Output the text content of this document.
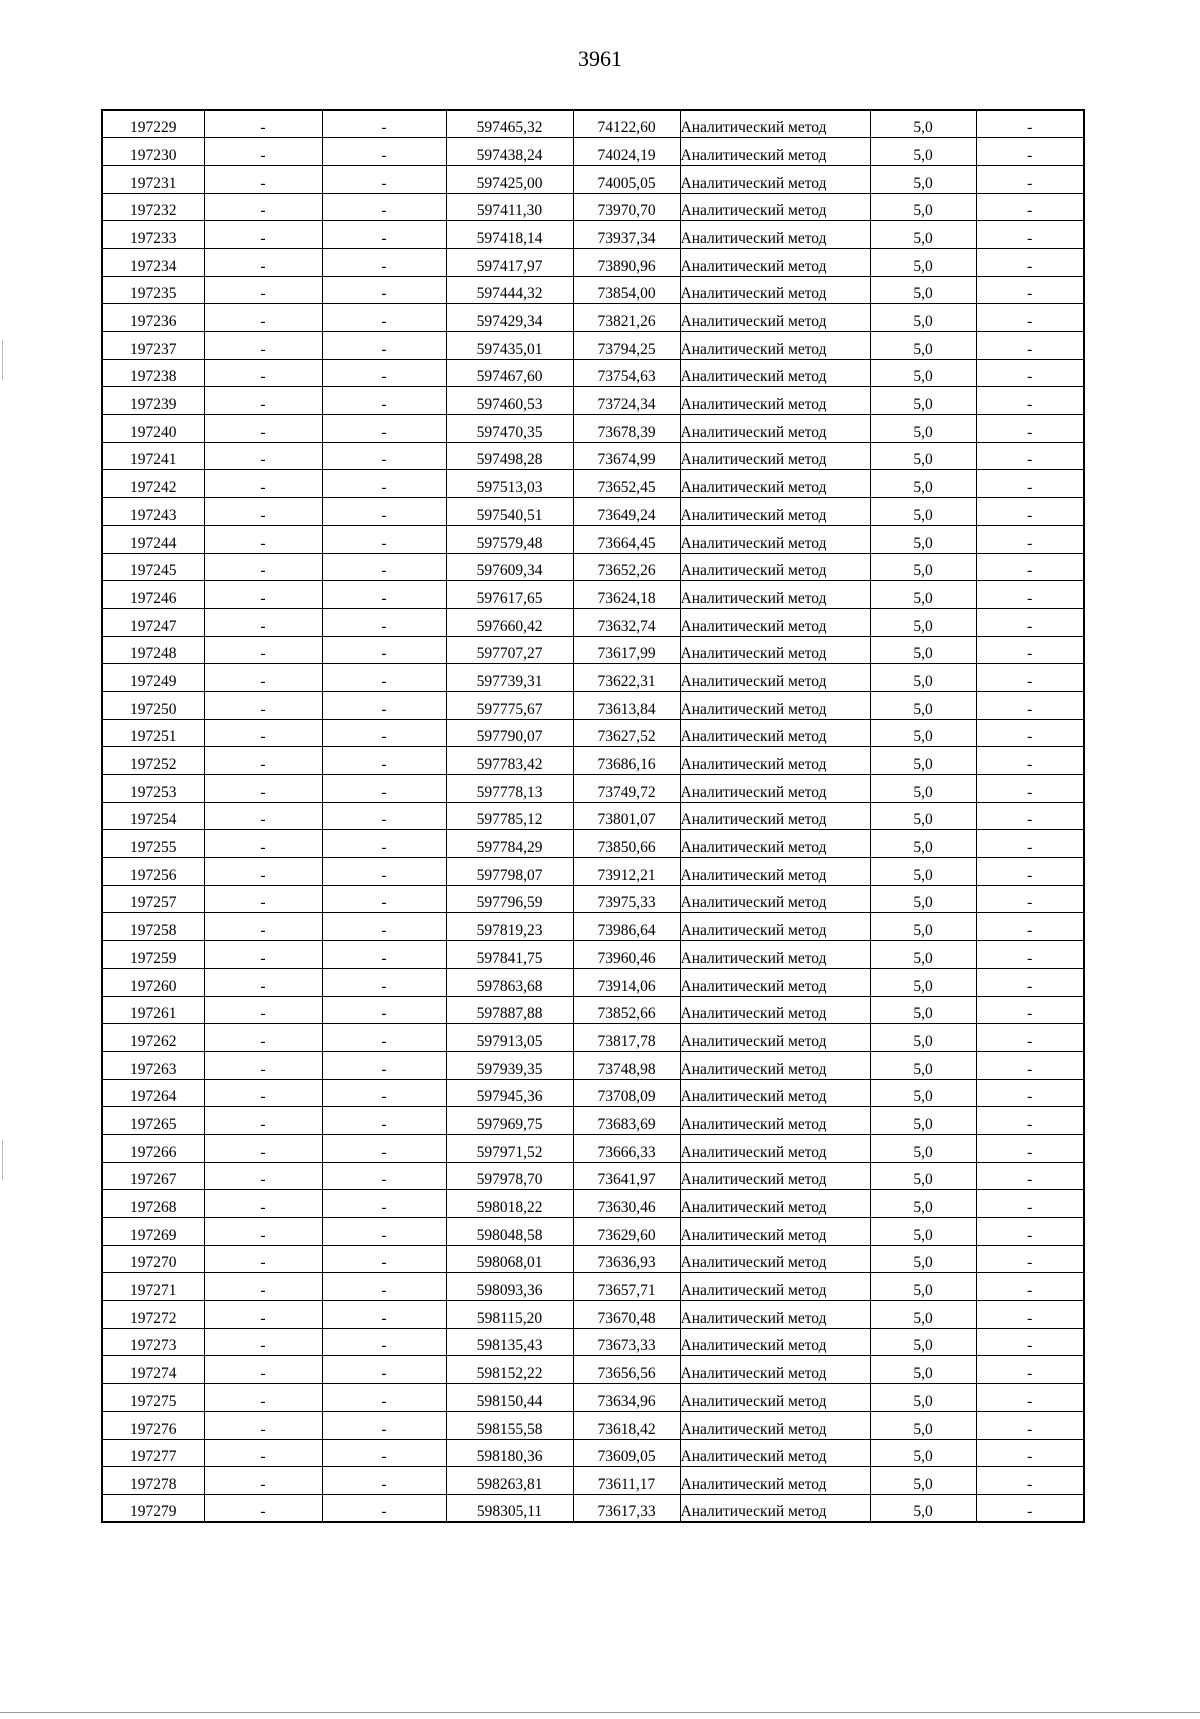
3961
197229	-	-	597465,32	74122,60	Аналитический метод	5,0	-
197230	-	-	597438,24	74024,19	Аналитический метод	5,0	-
197231	-	-	597425,00	74005,05	Аналитический метод	5,0	-
197232	-	-	597411,30	73970,70	Аналитический метод	5,0	-
197233	-	-	597418,14	73937,34	Аналитический метод	5,0	-
197234	-	-	597417,97	73890,96	Аналитический метод	5,0	-
197235	-	-	597444,32	73854,00	Аналитический метод	5,0	-
197236	-	-	597429,34	73821,26	Аналитический метод	5,0	-
197237	-	-	597435,01	73794,25	Аналитический метод	5,0	-
197238	-	-	597467,60	73754,63	Аналитический метод	5,0	-
197239	-	-	597460,53	73724,34	Аналитический метод	5,0	-
197240	-	-	597470,35	73678,39	Аналитический метод	5,0	-
197241	-	-	597498,28	73674,99	Аналитический метод	5,0	-
197242	-	-	597513,03	73652,45	Аналитический метод	5,0	-
197243	-	-	597540,51	73649,24	Аналитический метод	5,0	-
197244	-	-	597579,48	73664,45	Аналитический метод	5,0	-
197245	-	-	597609,34	73652,26	Аналитический метод	5,0	-
197246	-	-	597617,65	73624,18	Аналитический метод	5,0	-
197247	-	-	597660,42	73632,74	Аналитический метод	5,0	-
197248	-	-	597707,27	73617,99	Аналитический метод	5,0	-
197249	-	-	597739,31	73622,31	Аналитический метод	5,0	-
197250	-	-	597775,67	73613,84	Аналитический метод	5,0	-
197251	-	-	597790,07	73627,52	Аналитический метод	5,0	-
197252	-	-	597783,42	73686,16	Аналитический метод	5,0	-
197253	-	-	597778,13	73749,72	Аналитический метод	5,0	-
197254	-	-	597785,12	73801,07	Аналитический метод	5,0	-
197255	-	-	597784,29	73850,66	Аналитический метод	5,0	-
197256	-	-	597798,07	73912,21	Аналитический метод	5,0	-
197257	-	-	597796,59	73975,33	Аналитический метод	5,0	-
197258	-	-	597819,23	73986,64	Аналитический метод	5,0	-
197259	-	-	597841,75	73960,46	Аналитический метод	5,0	-
197260	-	-	597863,68	73914,06	Аналитический метод	5,0	-
197261	-	-	597887,88	73852,66	Аналитический метод	5,0	-
197262	-	-	597913,05	73817,78	Аналитический метод	5,0	-
197263	-	-	597939,35	73748,98	Аналитический метод	5,0	-
197264	-	-	597945,36	73708,09	Аналитический метод	5,0	-
197265	-	-	597969,75	73683,69	Аналитический метод	5,0	-
197266	-	-	597971,52	73666,33	Аналитический метод	5,0	-
197267	-	-	597978,70	73641,97	Аналитический метод	5,0	-
197268	-	-	598018,22	73630,46	Аналитический метод	5,0	-
197269	-	-	598048,58	73629,60	Аналитический метод	5,0	-
197270	-	-	598068,01	73636,93	Аналитический метод	5,0	-
197271	-	-	598093,36	73657,71	Аналитический метод	5,0	-
197272	-	-	598115,20	73670,48	Аналитический метод	5,0	-
197273	-	-	598135,43	73673,33	Аналитический метод	5,0	-
197274	-	-	598152,22	73656,56	Аналитический метод	5,0	-
197275	-	-	598150,44	73634,96	Аналитический метод	5,0	-
197276	-	-	598155,58	73618,42	Аналитический метод	5,0	-
197277	-	-	598180,36	73609,05	Аналитический метод	5,0	-
197278	-	-	598263,81	73611,17	Аналитический метод	5,0	-
197279	-	-	598305,11	73617,33	Аналитический метод	5,0	-
